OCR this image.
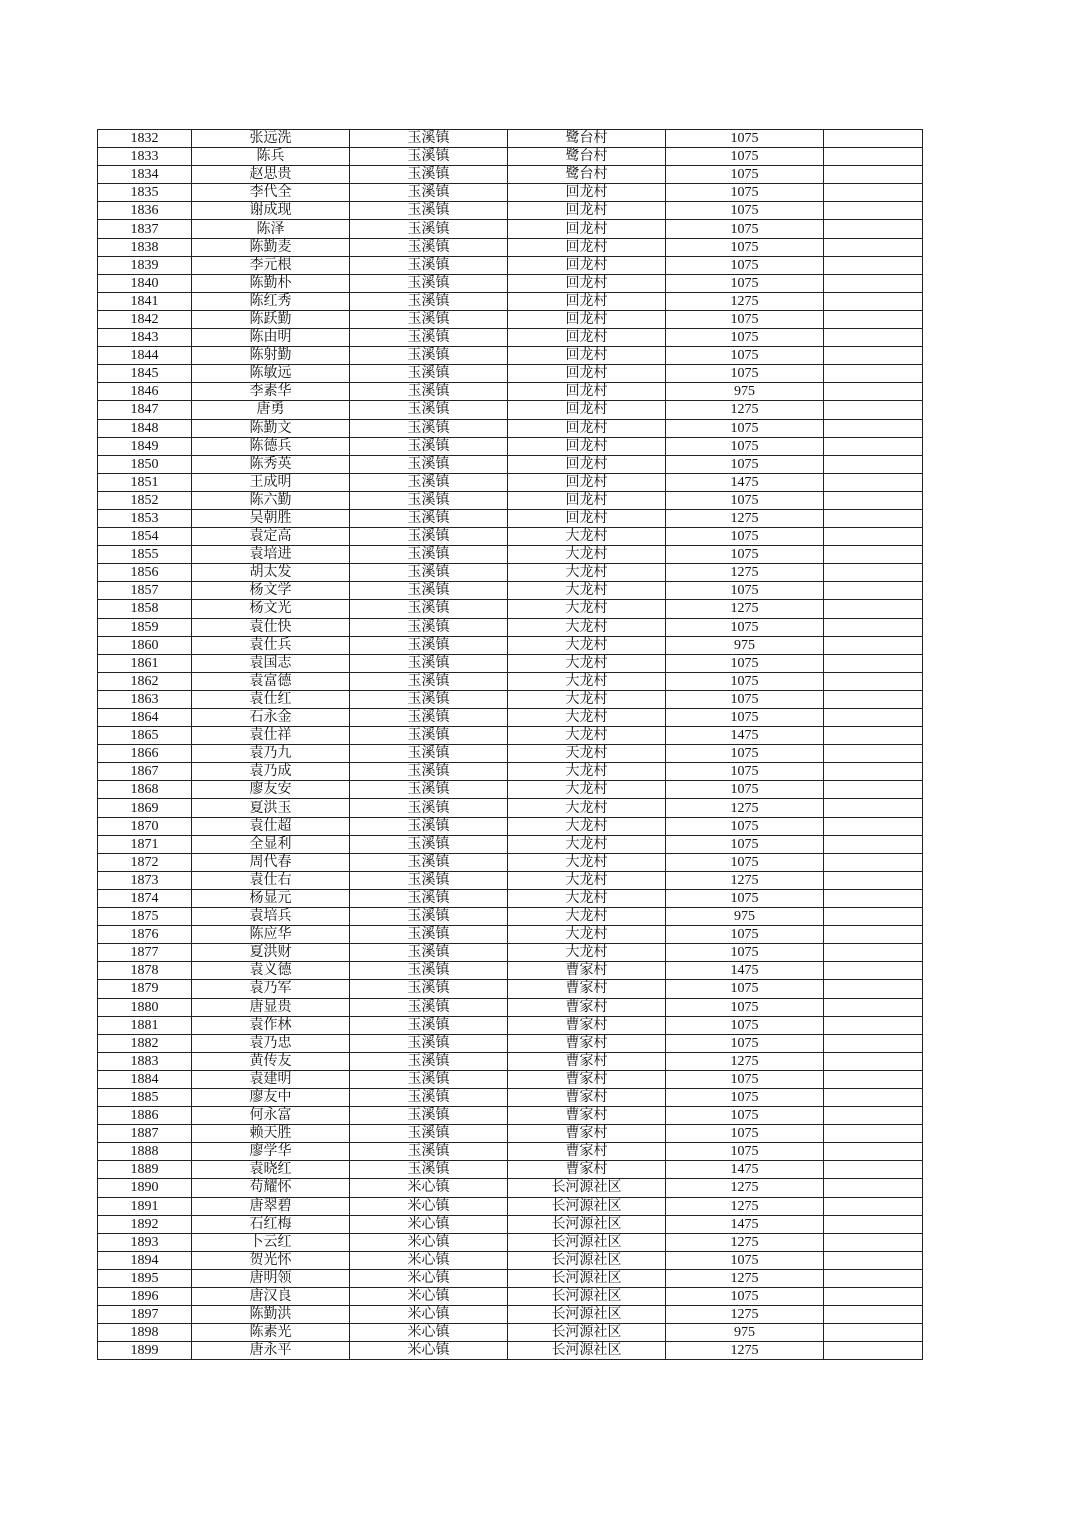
1832	张远洗	玉溪镇	鹭台村	1075	
1833	陈兵	玉溪镇	鹭台村	1075	
1834	赵思贵	玉溪镇	鹭台村	1075	
1835	李代全	玉溪镇	回龙村	1075	
1836	谢成现	玉溪镇	回龙村	1075	
1837	陈泽	玉溪镇	回龙村	1075	
1838	陈勤麦	玉溪镇	回龙村	1075	
1839	李元根	玉溪镇	回龙村	1075	
1840	陈勤朴	玉溪镇	回龙村	1075	
1841	陈红秀	玉溪镇	回龙村	1275	
1842	陈跃勤	玉溪镇	回龙村	1075	
1843	陈由明	玉溪镇	回龙村	1075	
1844	陈射勤	玉溪镇	回龙村	1075	
1845	陈敏远	玉溪镇	回龙村	1075	
1846	李素华	玉溪镇	回龙村	975	
1847	唐勇	玉溪镇	回龙村	1275	
1848	陈勤文	玉溪镇	回龙村	1075	
1849	陈德兵	玉溪镇	回龙村	1075	
1850	陈秀英	玉溪镇	回龙村	1075	
1851	王成明	玉溪镇	回龙村	1475	
1852	陈六勤	玉溪镇	回龙村	1075	
1853	吴朝胜	玉溪镇	回龙村	1275	
1854	袁定高	玉溪镇	大龙村	1075	
1855	袁培进	玉溪镇	大龙村	1075	
1856	胡太发	玉溪镇	大龙村	1275	
1857	杨文学	玉溪镇	大龙村	1075	
1858	杨文光	玉溪镇	大龙村	1275	
1859	袁仕快	玉溪镇	大龙村	1075	
1860	袁仕兵	玉溪镇	大龙村	975	
1861	袁国志	玉溪镇	大龙村	1075	
1862	袁富德	玉溪镇	大龙村	1075	
1863	袁仕红	玉溪镇	大龙村	1075	
1864	石永金	玉溪镇	大龙村	1075	
1865	袁仕祥	玉溪镇	大龙村	1475	
1866	袁乃九	玉溪镇	天龙村	1075	
1867	袁乃成	玉溪镇	大龙村	1075	
1868	廖友安	玉溪镇	大龙村	1075	
1869	夏洪玉	玉溪镇	大龙村	1275	
1870	袁仕超	玉溪镇	大龙村	1075	
1871	全显利	玉溪镇	大龙村	1075	
1872	周代春	玉溪镇	大龙村	1075	
1873	袁仕右	玉溪镇	大龙村	1275	
1874	杨显元	玉溪镇	大龙村	1075	
1875	袁培兵	玉溪镇	大龙村	975	
1876	陈应华	玉溪镇	大龙村	1075	
1877	夏洪财	玉溪镇	大龙村	1075	
1878	袁义德	玉溪镇	曹家村	1475	
1879	袁乃军	玉溪镇	曹家村	1075	
1880	唐显贵	玉溪镇	曹家村	1075	
1881	袁作林	玉溪镇	曹家村	1075	
1882	袁乃忠	玉溪镇	曹家村	1075	
1883	黄传友	玉溪镇	曹家村	1275	
1884	袁建明	玉溪镇	曹家村	1075	
1885	廖友中	玉溪镇	曹家村	1075	
1886	何永富	玉溪镇	曹家村	1075	
1887	赖天胜	玉溪镇	曹家村	1075	
1888	廖学华	玉溪镇	曹家村	1075	
1889	袁晓红	玉溪镇	曹家村	1475	
1890	苟耀怀	米心镇	长河源社区	1275	
1891	唐翠碧	米心镇	长河源社区	1275	
1892	石红梅	米心镇	长河源社区	1475	
1893	卜云红	米心镇	长河源社区	1275	
1894	贺光怀	米心镇	长河源社区	1075	
1895	唐明领	米心镇	长河源社区	1275	
1896	唐汉良	米心镇	长河源社区	1075	
1897	陈勤洪	米心镇	长河源社区	1275	
1898	陈素光	米心镇	长河源社区	975	
1899	唐永平	米心镇	长河源社区	1275	
